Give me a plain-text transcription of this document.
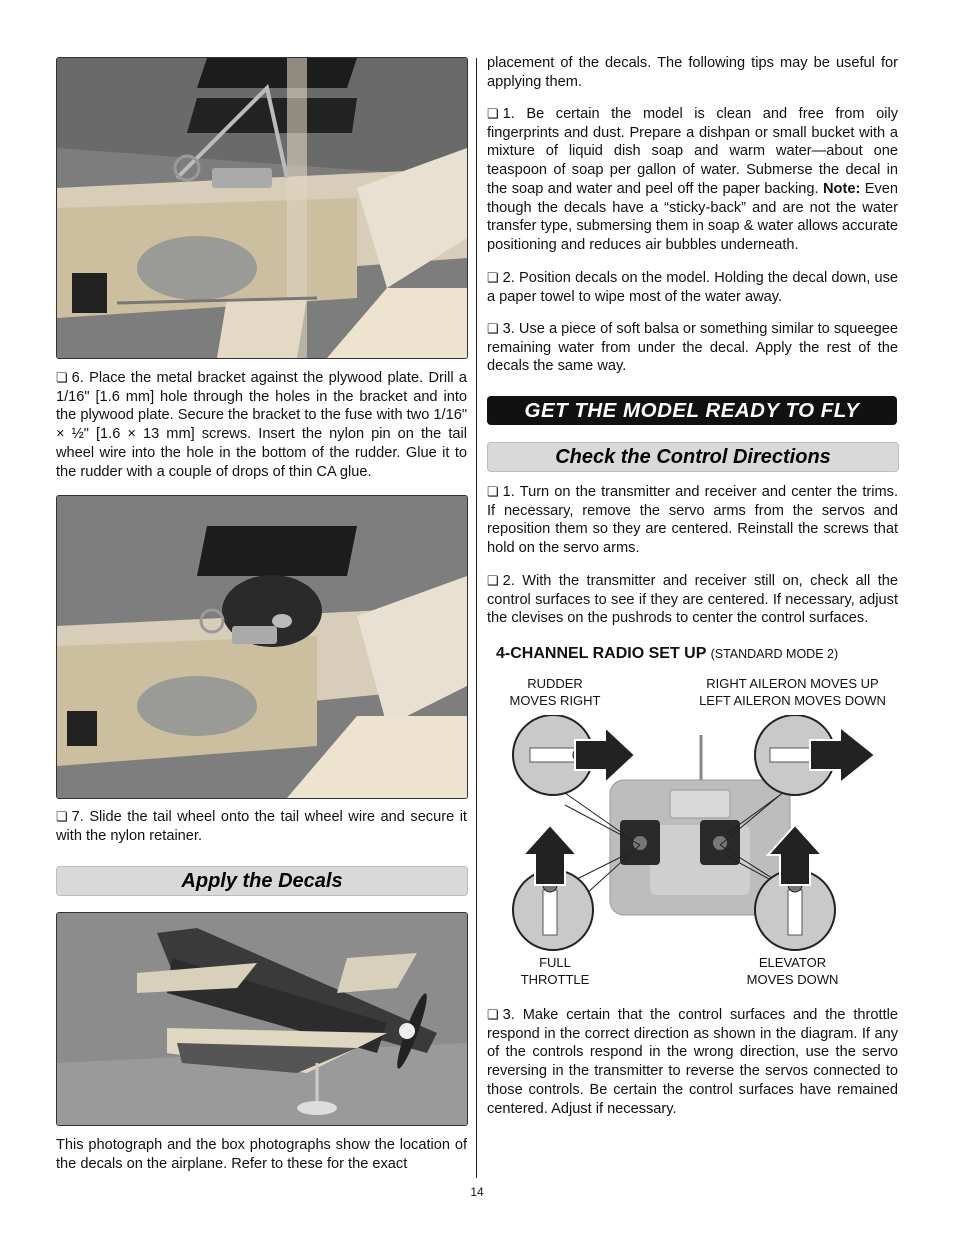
❏ 6. Place the metal bracket against the plywood plate. Drill a 1/16" [1.6 mm] hole through the holes in the bracket and into the plywood plate. Secure the bracket to the fuse with two 1/16" × ½" [1.6 × 13 mm] screws. Insert the nylon pin on the tail wheel wire into the hole in the bottom of the rudder. Glue it to the rudder with a couple of drops of thin CA glue.

❏ 7. Slide the tail wheel onto the tail wheel wire and secure it with the nylon retainer.

Apply the Decals

This photograph and the box photographs show the location of the decals on the airplane. Refer to these for the exact

placement of the decals. The following tips may be useful for applying them.

❏ 1. Be certain the model is clean and free from oily fingerprints and dust. Prepare a dishpan or small bucket with a mixture of liquid dish soap and warm water—about one teaspoon of soap per gallon of water. Submerse the decal in the soap and water and peel off the paper backing. Note: Even though the decals have a “sticky-back” and are not the water transfer type, submersing them in soap & water allows accurate positioning and reduces air bubbles underneath.

❏ 2. Position decals on the model. Holding the decal down, use a paper towel to wipe most of the water away.

❏ 3. Use a piece of soft balsa or something similar to squeegee remaining water from under the decal. Apply the rest of the decals the same way.

GET THE MODEL READY TO FLY
Check the Control Directions

❏ 1. Turn on the transmitter and receiver and center the trims. If necessary, remove the servo arms from the servos and reposition them so they are centered. Reinstall the screws that hold on the servo arms.

❏ 2. With the transmitter and receiver still on, check all the control surfaces to see if they are centered. If necessary, adjust the clevises on the pushrods to center the control surfaces.

4-CHANNEL RADIO SET UP (STANDARD MODE 2)
RUDDER
MOVES RIGHT
RIGHT AILERON MOVES UP
LEFT AILERON MOVES DOWN
FULL
THROTTLE
ELEVATOR
MOVES DOWN

❏ 3. Make certain that the control surfaces and the throttle respond in the correct direction as shown in the diagram. If any of the controls respond in the wrong direction, use the servo reversing in the transmitter to reverse the servos connected to those controls. Be certain the control surfaces have remained centered. Adjust if necessary.

14
